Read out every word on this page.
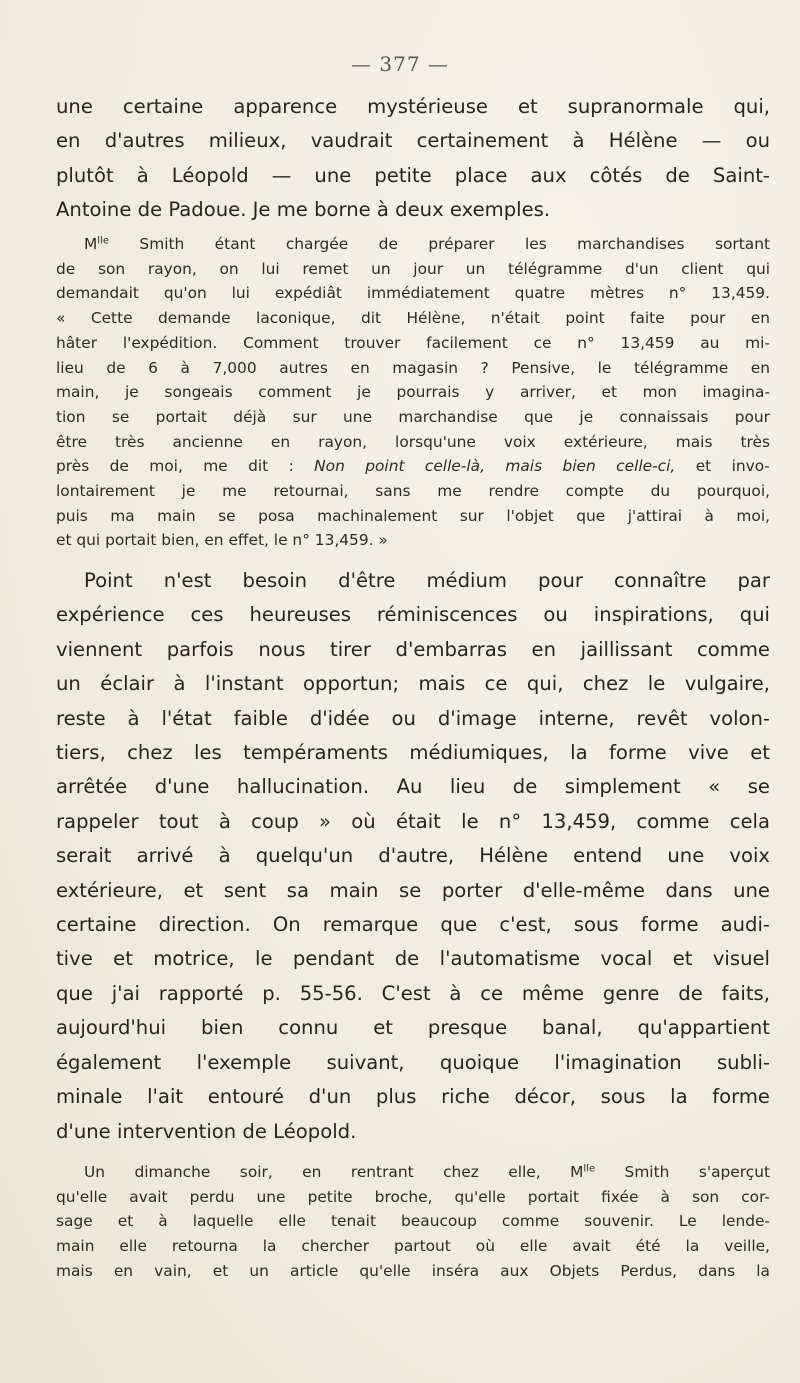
— 377 —
une certaine apparence mystérieuse et supranormale qui,
en d'autres milieux, vaudrait certainement à Hélène — ou
plutôt à Léopold — une petite place aux côtés de Saint-
Antoine de Padoue. Je me borne à deux exemples.
$M^{lle}$ Smith étant chargée de préparer les marchandises sortant
de son rayon, on lui remet un jour un télégramme d'un client qui
demandait qu'on lui expédiât immédiatement quatre mètres n° 13,459.
« Cette demande laconique, dit Hélène, n'était point faite pour en
hâter l'expédition. Comment trouver facilement ce n° 13,459 au mi-
lieu de 6 à 7,000 autres en magasin ? Pensive, le télégramme en
main, je songeais comment je pourrais y arriver, et mon imagina-
tion se portait déjà sur une marchandise que je connaissais pour
être très ancienne en rayon, lorsqu'une voix extérieure, mais très
près de moi, me dit : Non point celle-là, mais bien celle-ci, et invo-
lontairement je me retournai, sans me rendre compte du pourquoi,
puis ma main se posa machinalement sur l'objet que j'attirai à moi,
et qui portait bien, en effet, le n° 13,459. »
Point n'est besoin d'être médium pour connaître par
expérience ces heureuses réminiscences ou inspirations, qui
viennent parfois nous tirer d'embarras en jaillissant comme
un éclair à l'instant opportun; mais ce qui, chez le vulgaire,
reste à l'état faible d'idée ou d'image interne, revêt volon-
tiers, chez les tempéraments médiumiques, la forme vive et
arrêtée d'une hallucination. Au lieu de simplement « se
rappeler tout à coup » où était le n° 13,459, comme cela
serait arrivé à quelqu'un d'autre, Hélène entend une voix
extérieure, et sent sa main se porter d'elle-même dans une
certaine direction. On remarque que c'est, sous forme audi-
tive et motrice, le pendant de l'automatisme vocal et visuel
que j'ai rapporté p. 55-56. C'est à ce même genre de faits,
aujourd'hui bien connu et presque banal, qu'appartient
également l'exemple suivant, quoique l'imagination subli-
minale l'ait entouré d'un plus riche décor, sous la forme
d'une intervention de Léopold.
Un dimanche soir, en rentrant chez elle, $M^{lle}$ Smith s'aperçut
qu'elle avait perdu une petite broche, qu'elle portait fixée à son cor-
sage et à laquelle elle tenait beaucoup comme souvenir. Le lende-
main elle retourna la chercher partout où elle avait été la veille,
mais en vain, et un article qu'elle inséra aux Objets Perdus, dans la
